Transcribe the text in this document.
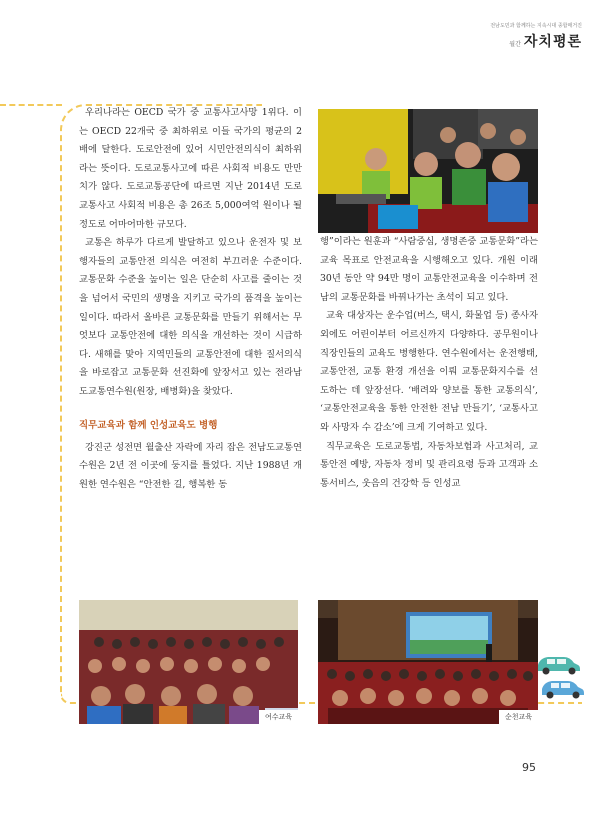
전남도민과 함께하는 지속시대 종합매거진
월간 자치평론

우리나라는 OECD 국가 중 교통사고사망 1위다. 이는 OECD 22개국 중 최하위로 이들 국가의 평균의 2배에 달한다. 도로안전에 있어 시민안전의식이 최하위라는 뜻이다. 도로교통사고에 따른 사회적 비용도 만만치가 않다. 도로교통공단에 따르면 지난 2014년 도로교통사고 사회적 비용은 총 26조 5,000여억 원이나 될 정도로 어마어마한 규모다.

교통은 하루가 다르게 발달하고 있으나 운전자 및 보행자들의 교통안전 의식은 여전히 부끄러운 수준이다. 교통문화 수준을 높이는 일은 단순히 사고를 줄이는 것을 넘어서 국민의 생명을 지키고 국가의 품격을 높이는 일이다. 따라서 올바른 교통문화를 만들기 위해서는 무엇보다 교통안전에 대한 의식을 개선하는 것이 시급하다. 새해를 맞아 지역민들의 교통안전에 대한 질서의식을 바로잡고 교통문화 선진화에 앞장서고 있는 전라남도교통연수원(원장, 배병화)을 찾았다.

직무교육과 함께 인성교육도 병행

강진군 성전면 월출산 자락에 자리 잡은 전남도교통연수원은 2년 전 이곳에 둥지를 틀었다. 지난 1988년 개원한 연수원은 “안전한 길, 행복한 동

행”이라는 원훈과 “사람중심, 생명존중 교통문화”라는 교육 목표로 안전교육을 시행해오고 있다. 개원 이래 30년 동안 약 94만 명이 교통안전교육을 이수하며 전남의 교통문화를 바꿔나가는 초석이 되고 있다.

교육 대상자는 운수업(버스, 택시, 화물업 등) 종사자 외에도 어린이부터 어르신까지 다양하다. 공무원이나 직장인들의 교육도 병행한다. 연수원에서는 운전행태, 교통안전, 교통 환경 개선을 이뤄 교통문화지수를 선도하는 데 앞장선다. ‘배려와 양보를 통한 교통의식’, ‘교통안전교육을 통한 안전한 전남 만들기’, ‘교통사고와 사망자 수 감소’에 크게 기여하고 있다.

직무교육은 도로교통법, 자동차보험과 사고처리, 교통안전 예방, 자동차 정비 및 관리요령 등과 고객과 소통서비스, 웃음의 건강학 등 인성교

여수교육	순천교육
95
